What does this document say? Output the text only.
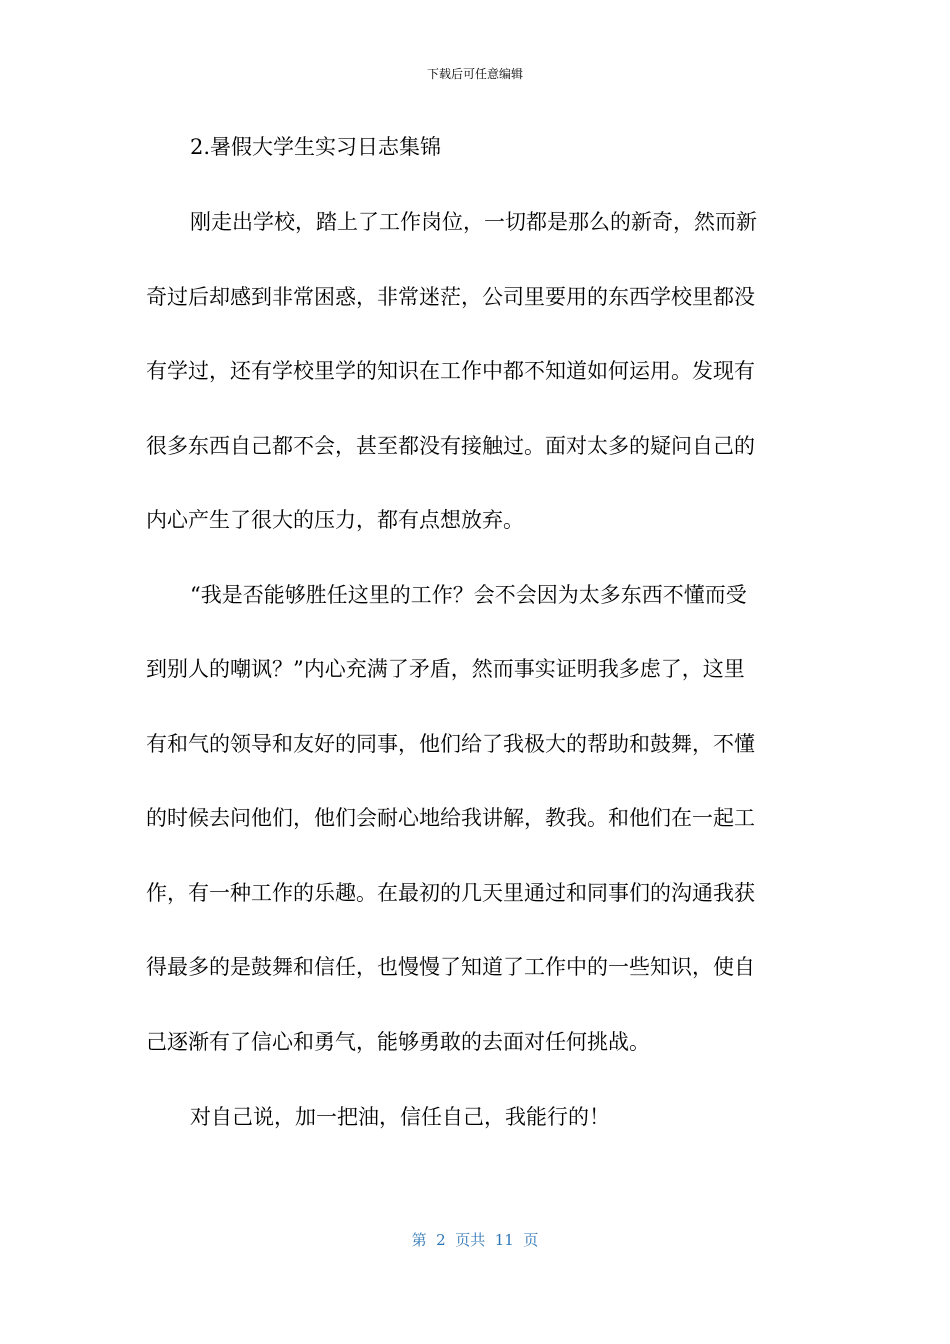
下载后可任意编辑
2.暑假大学生实习日志集锦
刚走出学校，踏上了工作岗位，一切都是那么的新奇，然而新
奇过后却感到非常困惑，非常迷茫，公司里要用的东西学校里都没
有学过，还有学校里学的知识在工作中都不知道如何运用。发现有
很多东西自己都不会，甚至都没有接触过。面对太多的疑问自己的
内心产生了很大的压力，都有点想放弃。
“我是否能够胜任这里的工作？会不会因为太多东西不懂而受
到别人的嘲讽？”内心充满了矛盾，然而事实证明我多虑了，这里
有和气的领导和友好的同事，他们给了我极大的帮助和鼓舞，不懂
的时候去问他们，他们会耐心地给我讲解，教我。和他们在一起工
作，有一种工作的乐趣。在最初的几天里通过和同事们的沟通我获
得最多的是鼓舞和信任，也慢慢了知道了工作中的一些知识，使自
己逐渐有了信心和勇气，能够勇敢的去面对任何挑战。
对自己说，加一把油，信任自己，我能行的！
第  2  页共  11  页
